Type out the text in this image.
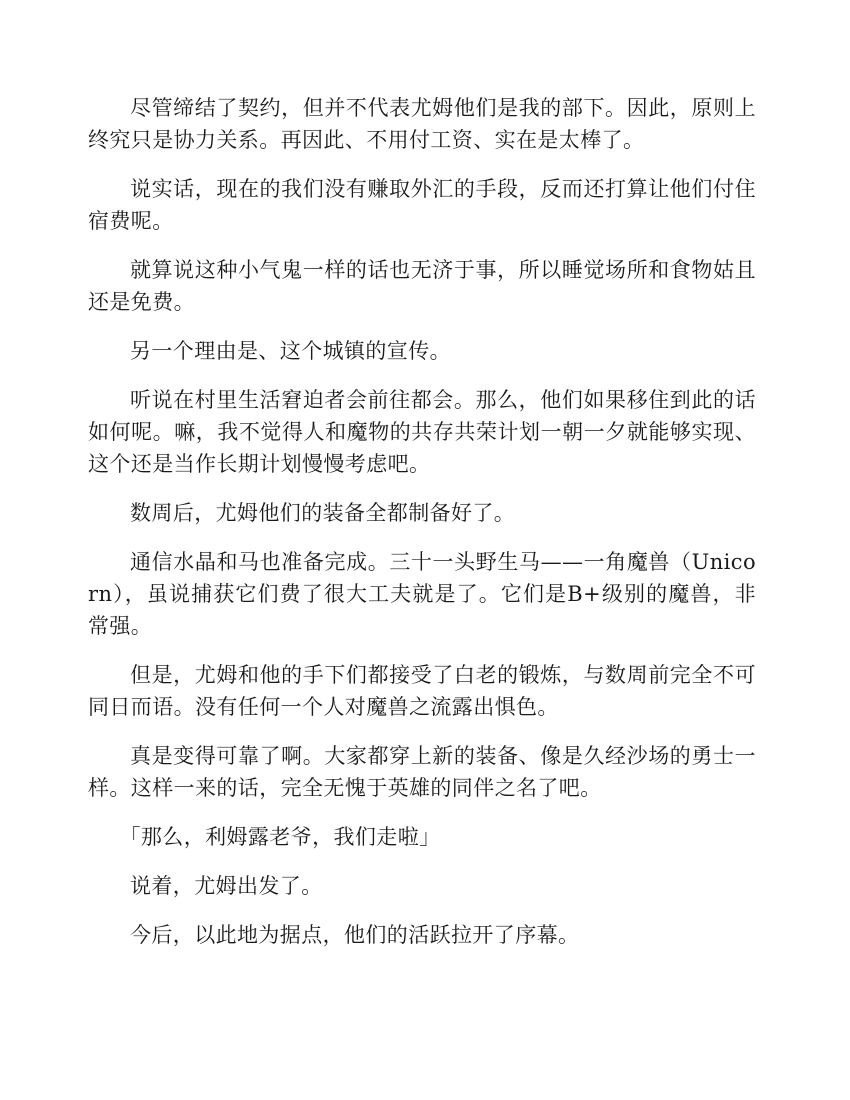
尽管缔结了契约，但并不代表尤姆他们是我的部下。因此，原则上终究只是协力关系。再因此、不用付工资、实在是太棒了。

说实话，现在的我们没有赚取外汇的手段，反而还打算让他们付住宿费呢。

就算说这种小气鬼一样的话也无济于事，所以睡觉场所和食物姑且还是免费。

另一个理由是、这个城镇的宣传。

听说在村里生活窘迫者会前往都会。那么，他们如果移住到此的话如何呢。嘛，我不觉得人和魔物的共存共荣计划一朝一夕就能够实现、这个还是当作长期计划慢慢考虑吧。

数周后，尤姆他们的装备全都制备好了。

通信水晶和马也准备完成。三十一头野生马——一角魔兽（Unicorn），虽说捕获它们费了很大工夫就是了。它们是B+级别的魔兽，非常强。

但是，尤姆和他的手下们都接受了白老的锻炼，与数周前完全不可同日而语。没有任何一个人对魔兽之流露出惧色。

真是变得可靠了啊。大家都穿上新的装备、像是久经沙场的勇士一样。这样一来的话，完全无愧于英雄的同伴之名了吧。

「那么，利姆露老爷，我们走啦」

说着，尤姆出发了。

今后，以此地为据点，他们的活跃拉开了序幕。
